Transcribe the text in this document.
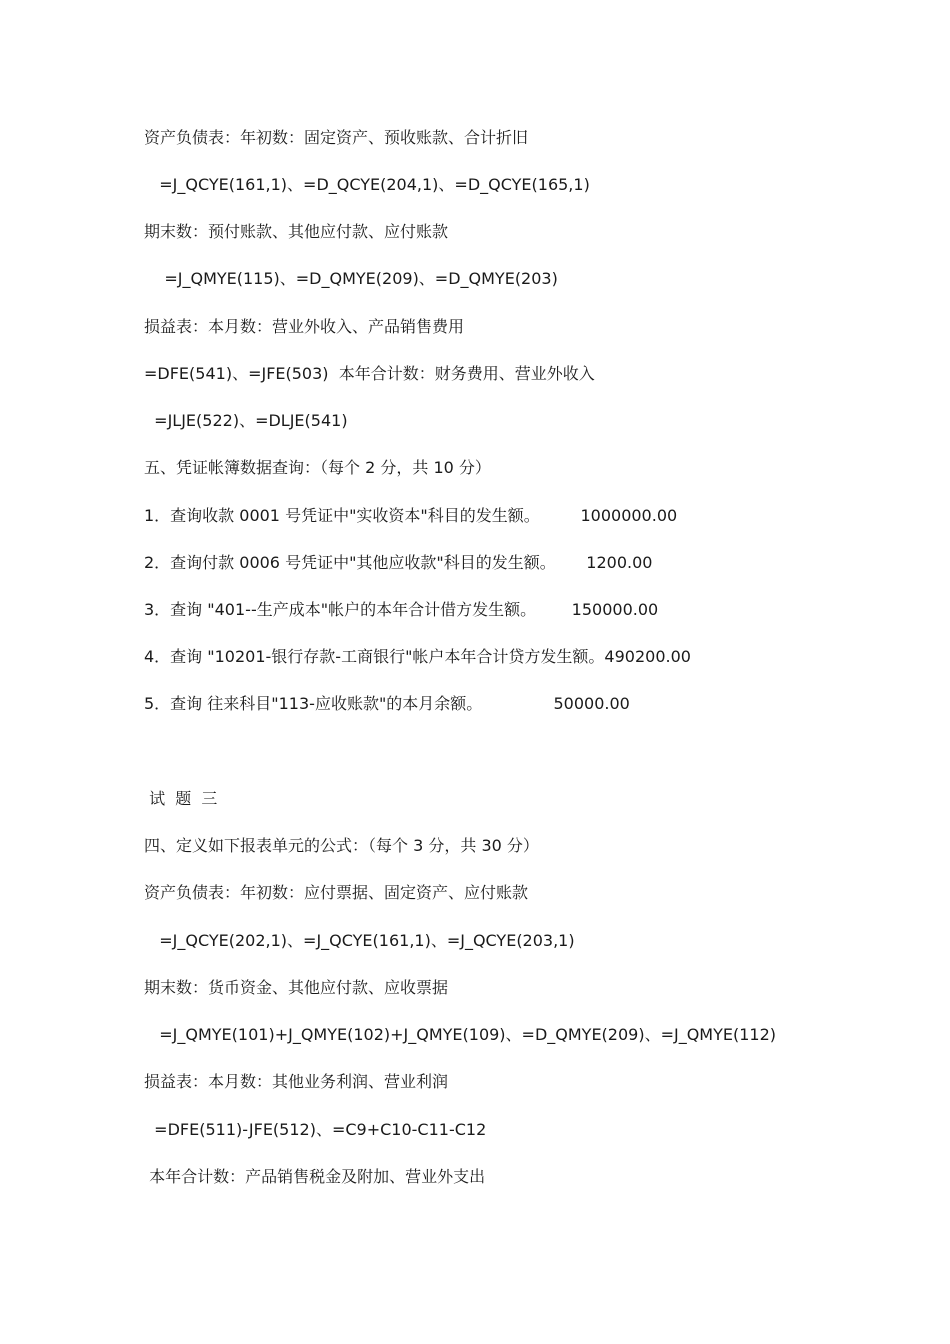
资产负债表：年初数：固定资产、预收账款、合计折旧
=J_QCYE(161,1)、=D_QCYE(204,1)、=D_QCYE(165,1)
期末数：预付账款、其他应付款、应付账款
=J_QMYE(115)、=D_QMYE(209)、=D_QMYE(203)
损益表：本月数：营业外收入、产品销售费用
=DFE(541)、=JFE(503)  本年合计数：财务费用、营业外收入
=JLJE(522)、=DLJE(541)
五、凭证帐簿数据查询：（每个 2 分，共 10 分）
1．查询收款 0001 号凭证中"实收资本"科目的发生额。        1000000.00
2．查询付款 0006 号凭证中"其他应收款"科目的发生额。      1200.00
3．查询 "401--生产成本"帐户的本年合计借方发生额。       150000.00
4．查询 "10201-银行存款-工商银行"帐户本年合计贷方发生额。490200.00
5．查询 往来科目"113-应收账款"的本月余额。              50000.00
试  题  三
四、定义如下报表单元的公式：（每个 3 分，共 30 分）
资产负债表：年初数：应付票据、固定资产、应付账款
=J_QCYE(202,1)、=J_QCYE(161,1)、=J_QCYE(203,1)
期末数：货币资金、其他应付款、应收票据
=J_QMYE(101)+J_QMYE(102)+J_QMYE(109)、=D_QMYE(209)、=J_QMYE(112)
损益表：本月数：其他业务利润、营业利润
=DFE(511)-JFE(512)、=C9+C10-C11-C12
本年合计数：产品销售税金及附加、营业外支出
